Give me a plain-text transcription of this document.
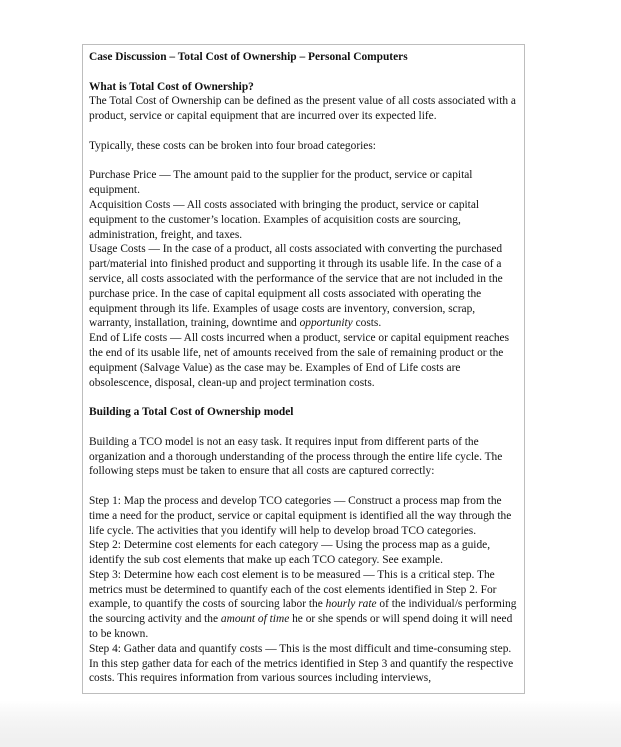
Case Discussion – Total Cost of Ownership – Personal Computers

What is Total Cost of Ownership?

The Total Cost of Ownership can be defined as the present value of all costs associated with a product, service or capital equipment that are incurred over its expected life.

Typically, these costs can be broken into four broad categories:

Purchase Price — The amount paid to the supplier for the product, service or capital equipment.

Acquisition Costs — All costs associated with bringing the product, service or capital equipment to the customer’s location. Examples of acquisition costs are sourcing, administration, freight, and taxes.

Usage Costs — In the case of a product, all costs associated with converting the purchased part/material into finished product and supporting it through its usable life. In the case of a service, all costs associated with the performance of the service that are not included in the purchase price. In the case of capital equipment all costs associated with operating the equipment through its life. Examples of usage costs are inventory, conversion, scrap, warranty, installation, training, downtime and opportunity costs.

End of Life costs — All costs incurred when a product, service or capital equipment reaches the end of its usable life, net of amounts received from the sale of remaining product or the equipment (Salvage Value) as the case may be. Examples of End of Life costs are obsolescence, disposal, clean-up and project termination costs.

Building a Total Cost of Ownership model

Building a TCO model is not an easy task. It requires input from different parts of the organization and a thorough understanding of the process through the entire life cycle. The following steps must be taken to ensure that all costs are captured correctly:

Step 1: Map the process and develop TCO categories — Construct a process map from the time a need for the product, service or capital equipment is identified all the way through the life cycle. The activities that you identify will help to develop broad TCO categories.

Step 2: Determine cost elements for each category — Using the process map as a guide, identify the sub cost elements that make up each TCO category. See example.

Step 3: Determine how each cost element is to be measured — This is a critical step. The metrics must be determined to quantify each of the cost elements identified in Step 2. For example, to quantify the costs of sourcing labor the hourly rate of the individual/s performing the sourcing activity and the amount of time he or she spends or will spend doing it will need to be known.

Step 4: Gather data and quantify costs — This is the most difficult and time-consuming step. In this step gather data for each of the metrics identified in Step 3 and quantify the respective costs. This requires information from various sources including interviews,
